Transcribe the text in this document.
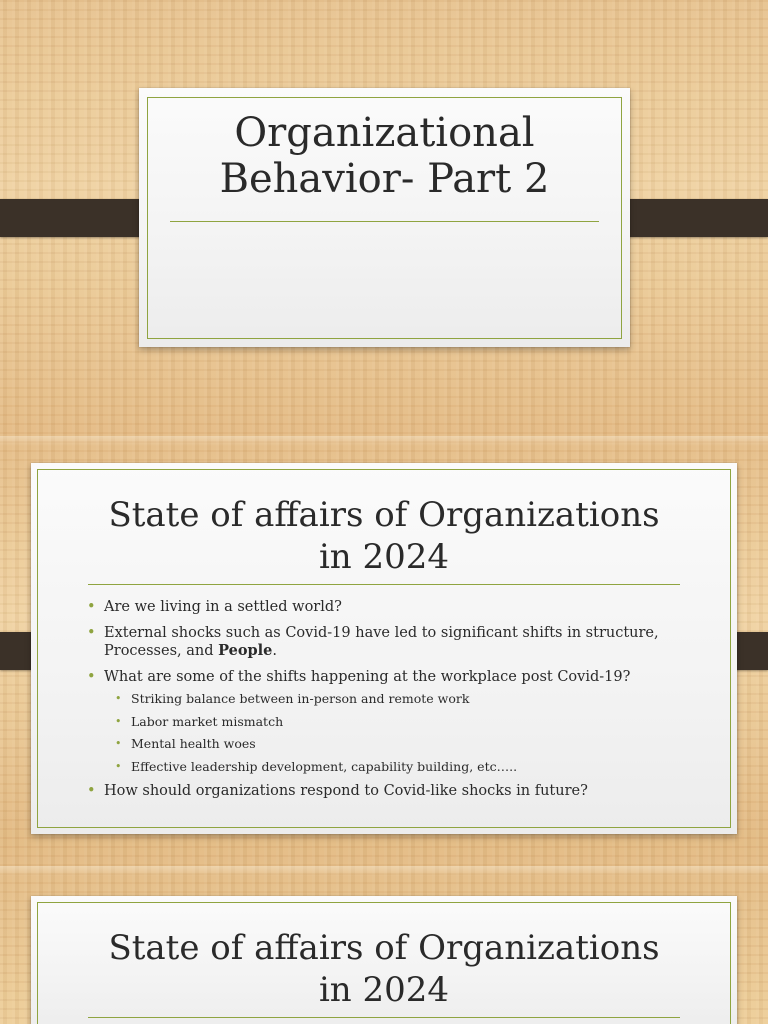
Organizational
Behavior- Part 2
State of affairs of Organizations
in 2024
• Are we living in a settled world?
• External shocks such as Covid-19 have led to significant shifts in structure, Processes, and People.
• What are some of the shifts happening at the workplace post Covid-19?
• Striking balance between in-person and remote work
• Labor market mismatch
• Mental health woes
• Effective leadership development, capability building, etc…..
• How should organizations respond to Covid-like shocks in future?
State of affairs of Organizations
in 2024
